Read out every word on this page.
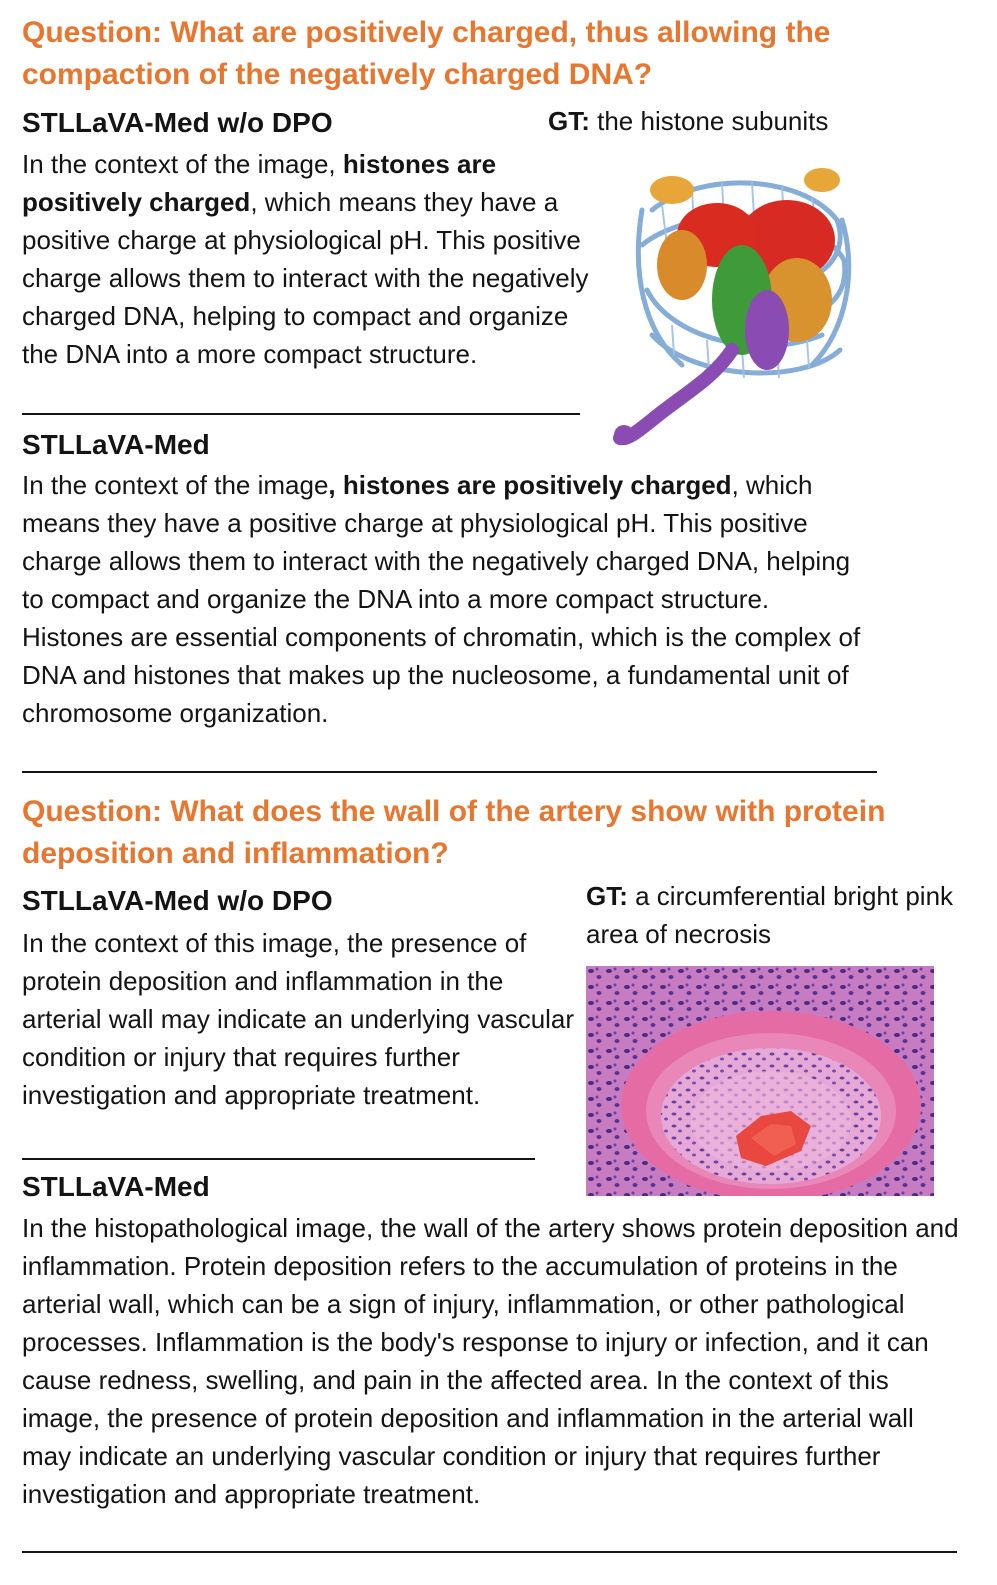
Question: What are positively charged, thus allowing the compaction of the negatively charged DNA?

STLLaVA-Med w/o DPO	GT: the histone subunits

In the context of the image, histones are positively charged, which means they have a positive charge at physiological pH. This positive charge allows them to interact with the negatively charged DNA, helping to compact and organize the DNA into a more compact structure.

STLLaVA-Med

In the context of the image, histones are positively charged, which means they have a positive charge at physiological pH. This positive charge allows them to interact with the negatively charged DNA, helping to compact and organize the DNA into a more compact structure. Histones are essential components of chromatin, which is the complex of DNA and histones that makes up the nucleosome, a fundamental unit of chromosome organization.

Question: What does the wall of the artery show with protein deposition and inflammation?

STLLaVA-Med w/o DPO	GT: a circumferential bright pink area of necrosis

In the context of this image, the presence of protein deposition and inflammation in the arterial wall may indicate an underlying vascular condition or injury that requires further investigation and appropriate treatment.

STLLaVA-Med

In the histopathological image, the wall of the artery shows protein deposition and inflammation. Protein deposition refers to the accumulation of proteins in the arterial wall, which can be a sign of injury, inflammation, or other pathological processes. Inflammation is the body's response to injury or infection, and it can cause redness, swelling, and pain in the affected area. In the context of this image, the presence of protein deposition and inflammation in the arterial wall may indicate an underlying vascular condition or injury that requires further investigation and appropriate treatment.
